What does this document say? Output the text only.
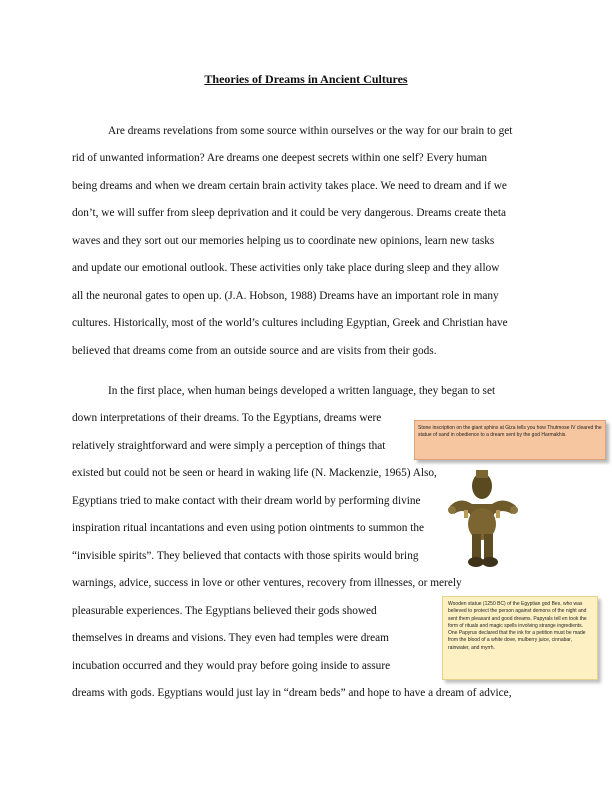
Theories of Dreams in Ancient Cultures
Are dreams revelations from some source within ourselves or the way for our brain to get
rid of unwanted information? Are dreams one deepest secrets within one self? Every human
being dreams and when we dream certain brain activity takes place. We need to dream and if we
don’t, we will suffer from sleep deprivation and it could be very dangerous. Dreams create theta
waves and they sort out our memories helping us to coordinate new opinions, learn new tasks
and update our emotional outlook. These activities only take place during sleep and they allow
all the neuronal gates to open up. (J.A. Hobson, 1988) Dreams have an important role in many
cultures. Historically, most of the world’s cultures including Egyptian, Greek and Christian have
believed that dreams come from an outside source and are visits from their gods.
In the first place, when human beings developed a written language, they began to set
down interpretations of their dreams. To the Egyptians, dreams were
relatively straightforward and were simply a perception of things that
existed but could not be seen or heard in waking life (N. Mackenzie, 1965) Also,
Egyptians tried to make contact with their dream world by performing divine
inspiration ritual incantations and even using potion ointments to summon the
“invisible spirits”. They believed that contacts with those spirits would bring
warnings, advice, success in love or other ventures, recovery from illnesses, or merely
pleasurable experiences. The Egyptians believed their gods showed
themselves in dreams and visions. They even had temples were dream
incubation occurred and they would pray before going inside to assure
dreams with gods. Egyptians would just lay in “dream beds” and hope to have a dream of advice,
Stone inscription on the giant sphinx at Giza tells you how Thutmose IV cleared the statue of sand in obedience to a dream sent by the god Harmakhis.
Wooden statue (1250 BC) of the Egyptian god Bes, who was believed to protect the person against demons of the night and sent them pleasant and good dreams. Papyrals tell en took the form of rituals and magic spells involving strange ingredients. One Papyrus declared that the ink for a petition must be made from the blood of a white dove, mulberry juice, cinnabar, rainwater, and myrrh.
